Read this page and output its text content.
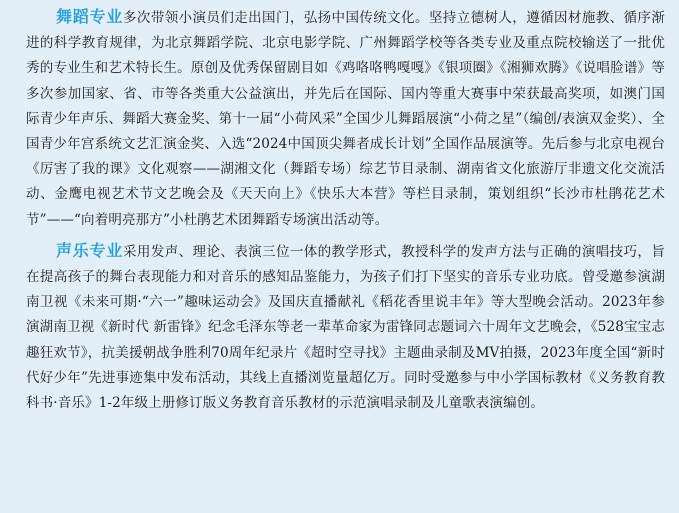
舞蹈专业多次带领小演员们走出国门，弘扬中国传统文化。坚持立德树人，遵循因材施教、循序渐进的科学教育规律，为北京舞蹈学院、北京电影学院、广州舞蹈学校等各类专业及重点院校输送了一批优秀的专业生和艺术特长生。原创及优秀保留剧目如《鸡咯咯鸭嘎嘎》《银项圈》《湘狮欢腾》《说唱脸谱》等多次参加国家、省、市等各类重大公益演出，并先后在国际、国内等重大赛事中荣获最高奖项，如澳门国际青少年声乐、舞蹈大赛金奖、第十一届“小荷风采”全国少儿舞蹈展演“小荷之星”（编创/表演双金奖）、全国青少年宫系统文艺汇演金奖、入选“2024中国顶尖舞者成长计划”全国作品展演等。先后参与北京电视台《厉害了我的课》文化观察——湖湘文化（舞蹈专场）综艺节目录制、湖南省文化旅游厅非遗文化交流活动、金鹰电视艺术节文艺晚会及《天天向上》《快乐大本营》等栏目录制，策划组织“长沙市杜鹃花艺术节”——“向着明亮那方”小杜鹃艺术团舞蹈专场演出活动等。

声乐专业采用发声、理论、表演三位一体的教学形式，教授科学的发声方法与正确的演唱技巧，旨在提高孩子的舞台表现能力和对音乐的感知品鉴能力，为孩子们打下坚实的音乐专业功底。曾受邀参演湖南卫视《未来可期·“六一”趣味运动会》及国庆直播献礼《稻花香里说丰年》等大型晚会活动。2023年参演湖南卫视《新时代 新雷锋》纪念毛泽东等老一辈革命家为雷锋同志题词六十周年文艺晚会，《528宝宝志趣狂欢节》，抗美援朝战争胜利70周年纪录片《超时空寻找》主题曲录制及MV拍摄，2023年度全国“新时代好少年”先进事迹集中发布活动，其线上直播浏览量超亿万。同时受邀参与中小学国标教材《义务教育教科书·音乐》1-2年级上册修订版义务教育音乐教材的示范演唱录制及儿童歌表演编创。
